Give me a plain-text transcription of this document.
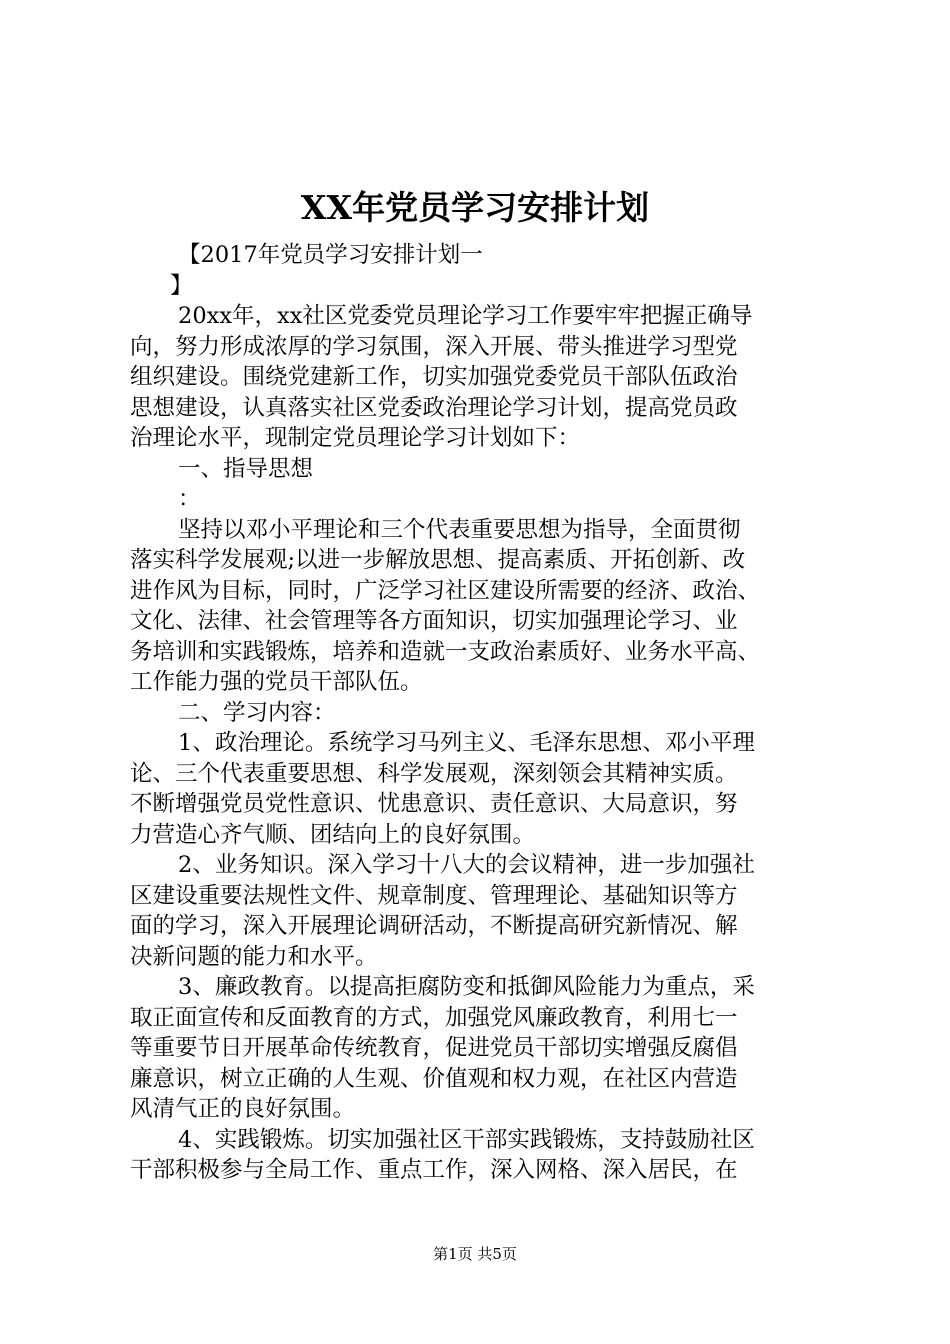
XX年党员学习安排计划
【2017年党员学习安排计划一
】
20xx年，xx社区党委党员理论学习工作要牢牢把握正确导
向，努力形成浓厚的学习氛围，深入开展、带头推进学习型党
组织建设。围绕党建新工作，切实加强党委党员干部队伍政治
思想建设，认真落实社区党委政治理论学习计划，提高党员政
治理论水平，现制定党员理论学习计划如下：
一、指导思想
：
坚持以邓小平理论和三个代表重要思想为指导，全面贯彻
落实科学发展观;以进一步解放思想、提高素质、开拓创新、改
进作风为目标，同时，广泛学习社区建设所需要的经济、政治、
文化、法律、社会管理等各方面知识，切实加强理论学习、业
务培训和实践锻炼，培养和造就一支政治素质好、业务水平高、
工作能力强的党员干部队伍。
二、学习内容：
1、政治理论。系统学习马列主义、毛泽东思想、邓小平理
论、三个代表重要思想、科学发展观，深刻领会其精神实质。
不断增强党员党性意识、忧患意识、责任意识、大局意识，努
力营造心齐气顺、团结向上的良好氛围。
2、业务知识。深入学习十八大的会议精神，进一步加强社
区建设重要法规性文件、规章制度、管理理论、基础知识等方
面的学习，深入开展理论调研活动，不断提高研究新情况、解
决新问题的能力和水平。
3、廉政教育。以提高拒腐防变和抵御风险能力为重点，采
取正面宣传和反面教育的方式，加强党风廉政教育，利用七一
等重要节日开展革命传统教育，促进党员干部切实增强反腐倡
廉意识，树立正确的人生观、价值观和权力观，在社区内营造
风清气正的良好氛围。
4、实践锻炼。切实加强社区干部实践锻炼，支持鼓励社区
干部积极参与全局工作、重点工作，深入网格、深入居民，在
第1页 共5页
